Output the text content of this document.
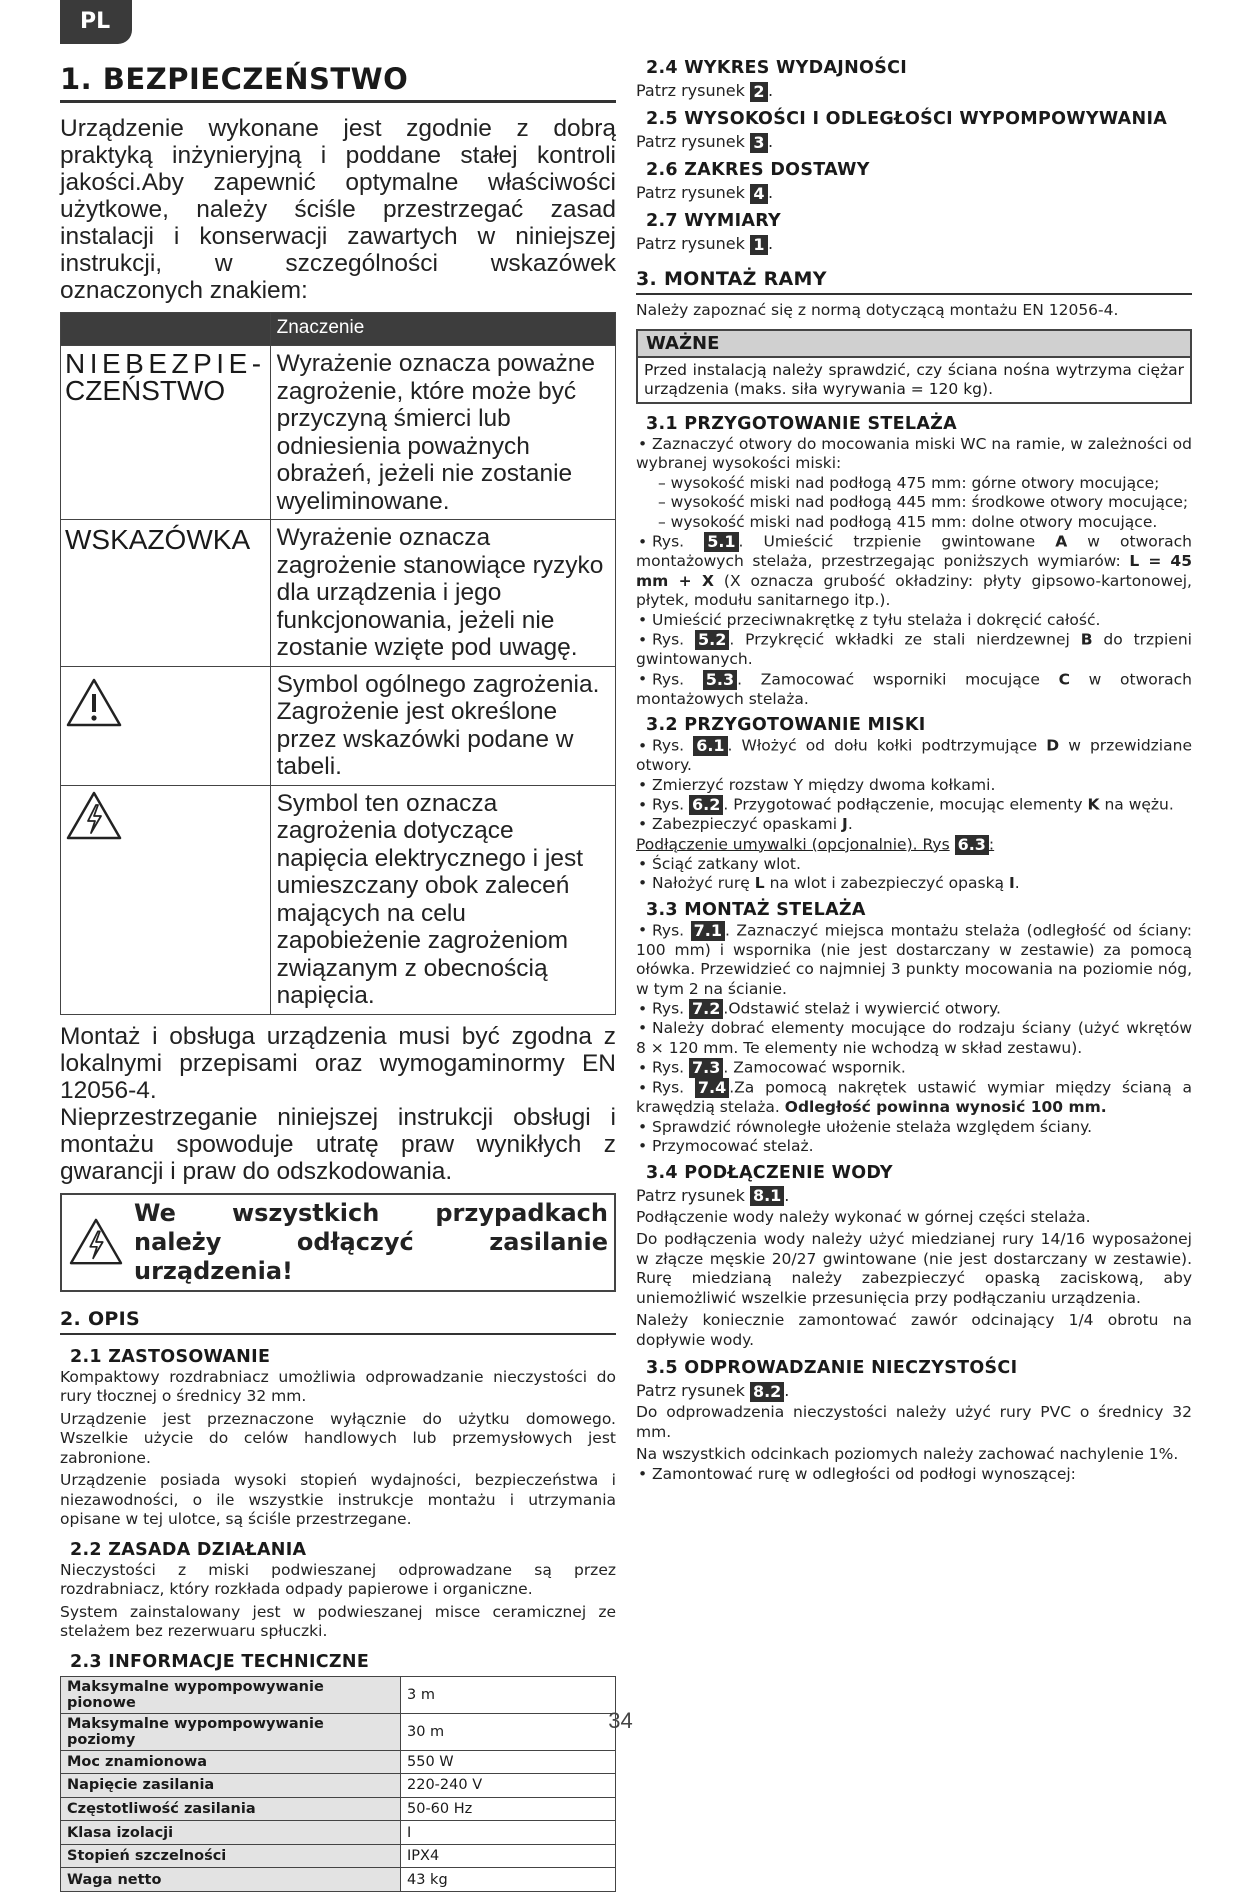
PL
1. BEZPIECZEŃSTWO
Urządzenie wykonane jest zgodnie z dobrą praktyką inżynieryjną i poddane stałej kontroli jakości.Aby zapewnić optymalne właściwości użytkowe, należy ściśle przestrzegać zasad instalacji i konserwacji zawartych w niniejszej instrukcji, w szczególności wskazówek oznaczonych znakiem:
	Znaczenie
NIEBEZPIE-
CZEŃSTWO	Wyrażenie oznacza poważne zagrożenie, które może być przyczyną śmierci lub odniesienia poważnych obrażeń, jeżeli nie zostanie wyeliminowane.
WSKAZÓWKA	Wyrażenie oznacza zagrożenie stanowiące ryzyko dla urządzenia i jego funkcjonowania, jeżeli nie zostanie wzięte pod uwagę.
	Symbol ogólnego zagrożenia. Zagrożenie jest określone przez wskazówki podane w tabeli.
	Symbol ten oznacza zagrożenia dotyczące napięcia elektrycznego i jest umieszczany obok zaleceń mających na celu zapobieżenie zagrożeniom związanym z obecnością napięcia.
Montaż i obsługa urządzenia musi być zgodna z lokalnymi przepisami oraz wymogaminormy EN 12056-4.
Nieprzestrzeganie niniejszej instrukcji obsługi i montażu spowoduje utratę praw wynikłych z gwarancji i praw do odszkodowania.
We wszystkich przypadkach należy odłączyć zasilanie urządzenia!
2. OPIS
2.1 ZASTOSOWANIE
Kompaktowy rozdrabniacz umożliwia odprowadzanie nieczystości do rury tłocznej o średnicy 32 mm.
Urządzenie jest przeznaczone wyłącznie do użytku domowego. Wszelkie użycie do celów handlowych lub przemysłowych jest zabronione.
Urządzenie posiada wysoki stopień wydajności, bezpieczeństwa i niezawodności, o ile wszystkie instrukcje montażu i utrzymania opisane w tej ulotce, są ściśle przestrzegane.
2.2 ZASADA DZIAŁANIA
Nieczystości z miski podwieszanej odprowadzane są przez rozdrabniacz, który rozkłada odpady papierowe i organiczne.
System zainstalowany jest w podwieszanej misce ceramicznej ze stelażem bez rezerwuaru spłuczki.
2.3 INFORMACJE TECHNICZNE
Maksymalne wypompowywanie pionowe	3 m
Maksymalne wypompowywanie poziomy	30 m
Moc znamionowa	550 W
Napięcie zasilania	220-240 V
Częstotliwość zasilania	50-60 Hz
Klasa izolacji	I
Stopień szczelności	IPX4
Waga netto	43 kg
2.4 WYKRES WYDAJNOŚCI
Patrz rysunek 2 .
2.5 WYSOKOŚCI I ODLEGŁOŚCI WYPOMPOWYWANIA
Patrz rysunek 3 .
2.6 ZAKRES DOSTAWY
Patrz rysunek 4 .
2.7 WYMIARY
Patrz rysunek 1 .
3. MONTAŻ RAMY
Należy zapoznać się z normą dotyczącą montażu EN 12056-4.
WAŻNE
Przed instalacją należy sprawdzić, czy ściana nośna wytrzyma ciężar urządzenia (maks. siła wyrywania = 120 kg).
3.1 PRZYGOTOWANIE STELAŻA
• Zaznaczyć otwory do mocowania miski WC na ramie, w zależności od wybranej wysokości miski:
– wysokość miski nad podłogą 475 mm: górne otwory mocujące;
– wysokość miski nad podłogą 445 mm: środkowe otwory mocujące;
– wysokość miski nad podłogą 415 mm: dolne otwory mocujące.
• Rys. 5.1 . Umieścić trzpienie gwintowane A w otworach montażowych stelaża, przestrzegając poniższych wymiarów: L = 45 mm + X (X oznacza grubość okładziny: płyty gipsowo-kartonowej, płytek, modułu sanitarnego itp.).
• Umieścić przeciwnakrętkę z tyłu stelaża i dokręcić całość.
• Rys. 5.2 . Przykręcić wkładki ze stali nierdzewnej B do trzpieni gwintowanych.
• Rys. 5.3 . Zamocować wsporniki mocujące C w otworach montażowych stelaża.
3.2 PRZYGOTOWANIE MISKI
• Rys. 6.1 . Włożyć od dołu kołki podtrzymujące D w przewidziane otwory.
• Zmierzyć rozstaw Y między dwoma kołkami.
• Rys. 6.2 . Przygotować podłączenie, mocując elementy K na wężu.
• Zabezpieczyć opaskami J.
Podłączenie umywalki (opcjonalnie). Rys 6.3 :
• Ściąć zatkany wlot.
• Nałożyć rurę L na wlot i zabezpieczyć opaską I.
3.3 MONTAŻ STELAŻA
• Rys. 7.1 . Zaznaczyć miejsca montażu stelaża (odległość od ściany: 100 mm) i wspornika (nie jest dostarczany w zestawie) za pomocą ołówka. Przewidzieć co najmniej 3 punkty mocowania na poziomie nóg, w tym 2 na ścianie.
• Rys. 7.2 .Odstawić stelaż i wywiercić otwory.
• Należy dobrać elementy mocujące do rodzaju ściany (użyć wkrętów 8 × 120 mm. Te elementy nie wchodzą w skład zestawu).
• Rys. 7.3 . Zamocować wspornik.
• Rys. 7.4 .Za pomocą nakrętek ustawić wymiar między ścianą a krawędzią stelaża. Odległość powinna wynosić 100 mm.
• Sprawdzić równoległe ułożenie stelaża względem ściany.
• Przymocować stelaż.
3.4 PODŁĄCZENIE WODY
Patrz rysunek 8.1 .
Podłączenie wody należy wykonać w górnej części stelaża.
Do podłączenia wody należy użyć miedzianej rury 14/16 wyposażonej w złącze męskie 20/27 gwintowane (nie jest dostarczany w zestawie). Rurę miedzianą należy zabezpieczyć opaską zaciskową, aby uniemożliwić wszelkie przesunięcia przy podłączaniu urządzenia.
Należy koniecznie zamontować zawór odcinający 1/4 obrotu na dopływie wody.
3.5 ODPROWADZANIE NIECZYSTOŚCI
Patrz rysunek 8.2 .
Do odprowadzenia nieczystości należy użyć rury PVC o średnicy 32 mm.
Na wszystkich odcinkach poziomych należy zachować nachylenie 1%.
• Zamontować rurę w odległości od podłogi wynoszącej:
34
